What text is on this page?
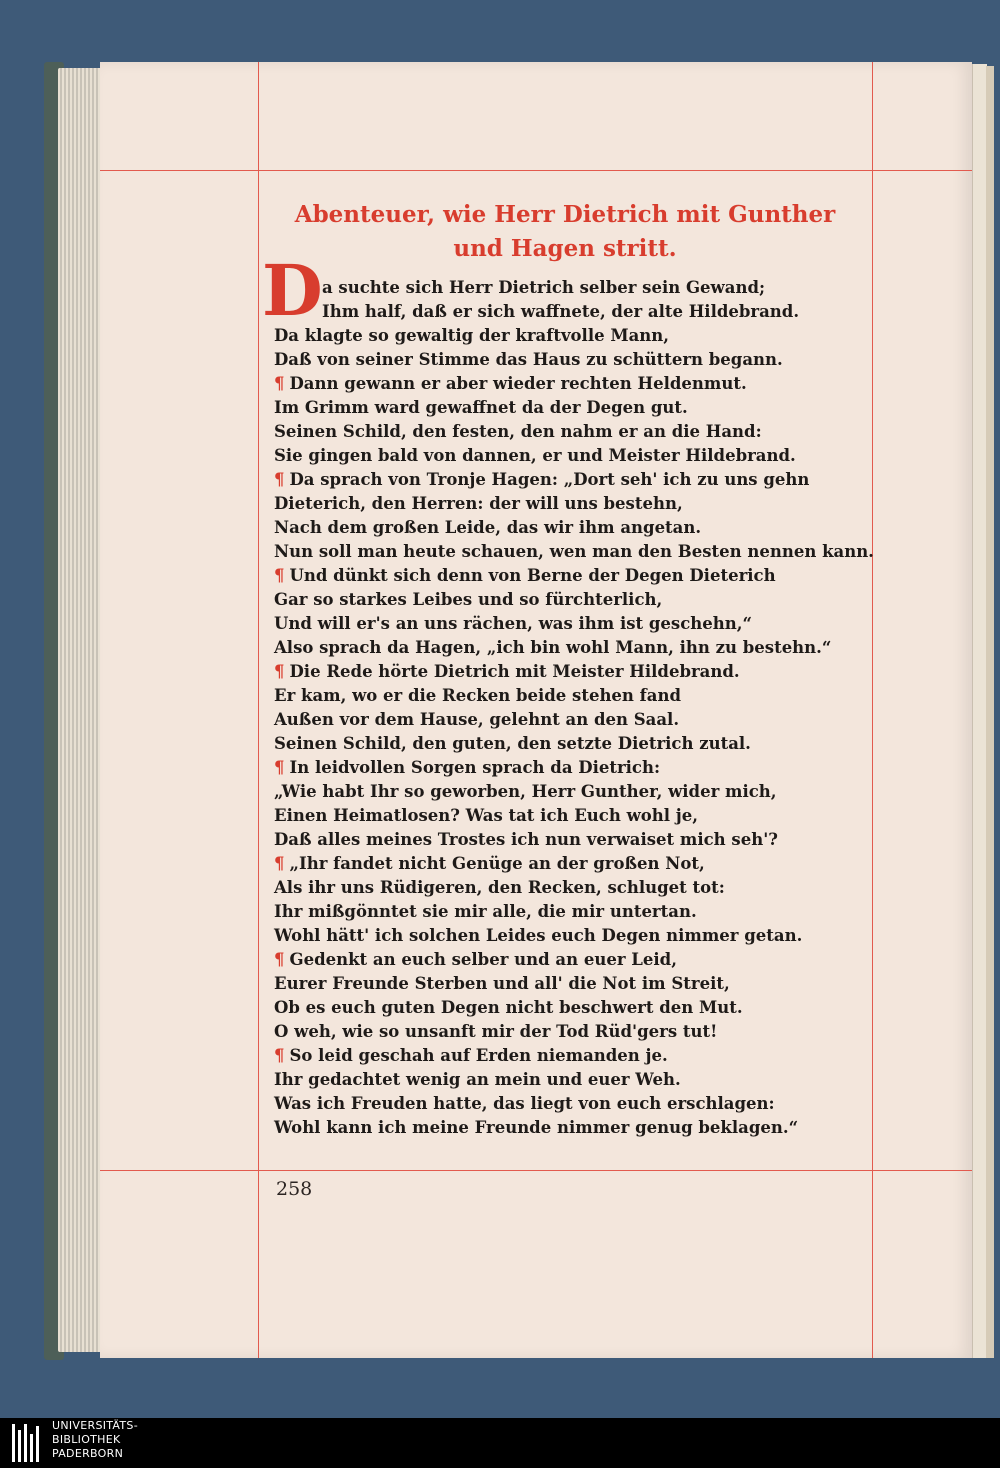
Abenteuer, wie Herr Dietrich mit Gunther
und Hagen stritt.
D a suchte sich Herr Dietrich selber sein Gewand;
Ihm half, daß er sich waffnete, der alte Hildebrand.
Da klagte so gewaltig der kraftvolle Mann,
Daß von seiner Stimme das Haus zu schüttern begann.
¶ Dann gewann er aber wieder rechten Heldenmut.
Im Grimm ward gewaffnet da der Degen gut.
Seinen Schild, den festen, den nahm er an die Hand:
Sie gingen bald von dannen, er und Meister Hildebrand.
¶ Da sprach von Tronje Hagen: „Dort seh' ich zu uns gehn
Dieterich, den Herren: der will uns bestehn,
Nach dem großen Leide, das wir ihm angetan.
Nun soll man heute schauen, wen man den Besten nennen kann.
¶ Und dünkt sich denn von Berne der Degen Dieterich
Gar so starkes Leibes und so fürchterlich,
Und will er's an uns rächen, was ihm ist geschehn,“
Also sprach da Hagen, „ich bin wohl Mann, ihn zu bestehn.“
¶ Die Rede hörte Dietrich mit Meister Hildebrand.
Er kam, wo er die Recken beide stehen fand
Außen vor dem Hause, gelehnt an den Saal.
Seinen Schild, den guten, den setzte Dietrich zutal.
¶ In leidvollen Sorgen sprach da Dietrich:
„Wie habt Ihr so geworben, Herr Gunther, wider mich,
Einen Heimatlosen? Was tat ich Euch wohl je,
Daß alles meines Trostes ich nun verwaiset mich seh'?
¶ „Ihr fandet nicht Genüge an der großen Not,
Als ihr uns Rüdigeren, den Recken, schluget tot:
Ihr mißgönntet sie mir alle, die mir untertan.
Wohl hätt' ich solchen Leides euch Degen nimmer getan.
¶ Gedenkt an euch selber und an euer Leid,
Eurer Freunde Sterben und all' die Not im Streit,
Ob es euch guten Degen nicht beschwert den Mut.
O weh, wie so unsanft mir der Tod Rüd'gers tut!
¶ So leid geschah auf Erden niemanden je.
Ihr gedachtet wenig an mein und euer Weh.
Was ich Freuden hatte, das liegt von euch erschlagen:
Wohl kann ich meine Freunde nimmer genug beklagen.“
258
UNIVERSITÄTS-
BIBLIOTHEK
PADERBORN
